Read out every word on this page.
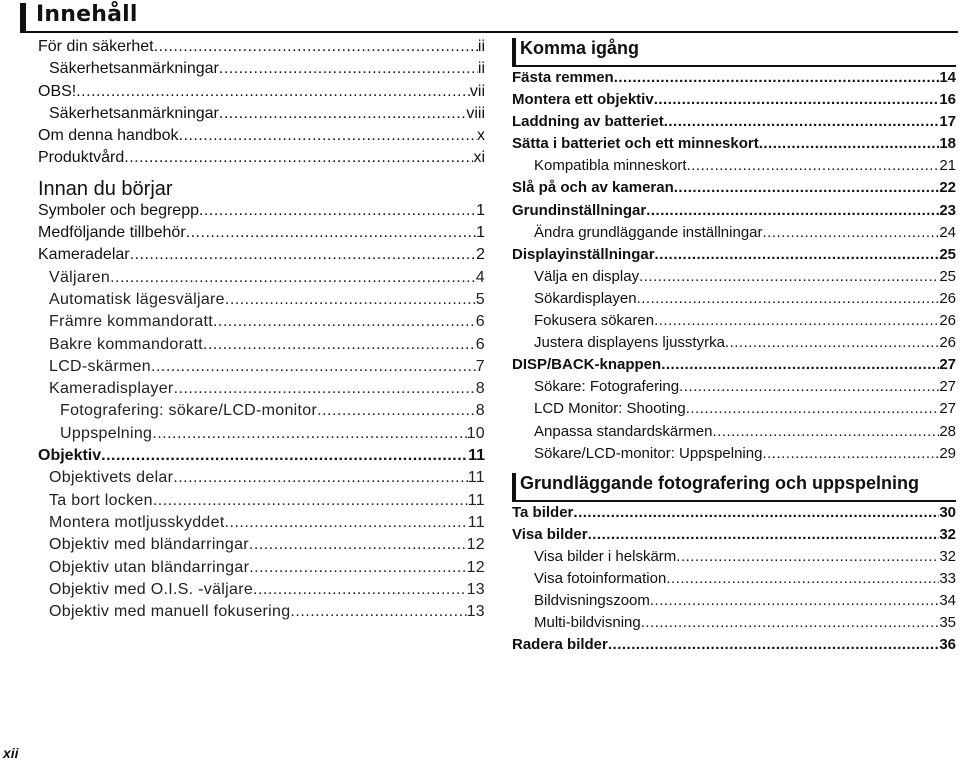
Innehåll
För din säkerhet .....	ii
Säkerhetsanmärkningar .....	ii
OBS! .....	vii
Säkerhetsanmärkningar .....	viii
Om denna handbok .....	x
Produktvård .....	xi
Innan du börjar
Symboler och begrepp .....	1
Medföljande tillbehör .....	1
Kameradelar .....	2
Väljaren .....	4
Automatisk lägesväljare .....	5
Främre kommandoratt .....	6
Bakre kommandoratt .....	6
LCD-skärmen .....	7
Kameradisplayer .....	8
Fotografering: sökare/LCD-monitor .....	8
Uppspelning .....	10
Objektiv .....	11
Objektivets delar .....	11
Ta bort locken .....	11
Montera motljusskyddet .....	11
Objektiv med bländarringar .....	12
Objektiv utan bländarringar .....	12
Objektiv med O.I.S. -väljare .....	13
Objektiv med manuell fokusering .....	13
Komma igång
Fästa remmen .....	14
Montera ett objektiv .....	16
Laddning av batteriet .....	17
Sätta i batteriet och ett minneskort .....	18
Kompatibla minneskort .....	21
Slå på och av kameran .....	22
Grundinställningar .....	23
Ändra grundläggande inställningar .....	24
Displayinställningar .....	25
Välja en display .....	25
Sökardisplayen .....	26
Fokusera sökaren .....	26
Justera displayens ljusstyrka .....	26
DISP/BACK-knappen .....	27
Sökare: Fotografering .....	27
LCD Monitor: Shooting .....	27
Anpassa standardskärmen .....	28
Sökare/LCD-monitor: Uppspelning .....	29
Grundläggande fotografering och uppspelning
Ta bilder .....	30
Visa bilder .....	32
Visa bilder i helskärm .....	32
Visa fotoinformation .....	33
Bildvisningszoom .....	34
Multi-bildvisning .....	35
Radera bilder .....	36
xii
